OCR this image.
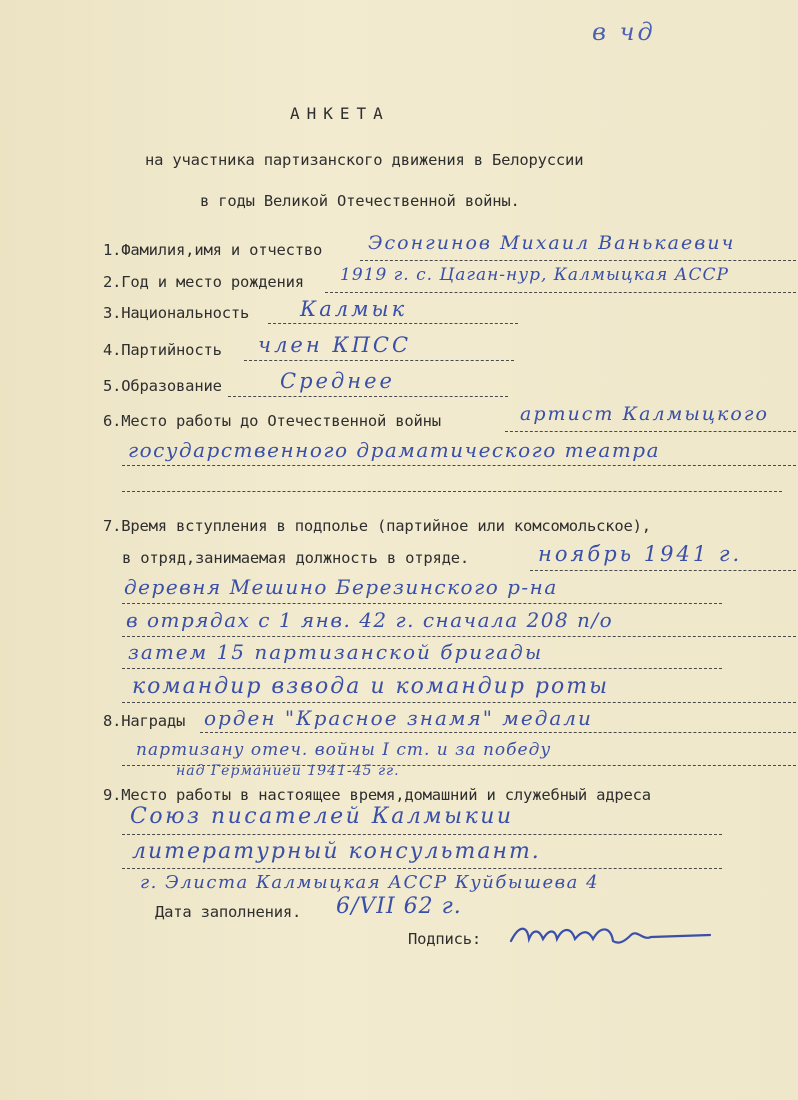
в чд
АНКЕТА
на участника партизанского движения в Белоруссии
в годы Великой Отечественной войны.
1.Фамилия,имя и отчество Эсонгинов Михаил Ванькаевич
2.Год и место рождения 1919 г. с. Цаган-нур, Калмыцкая АССР
3.Национальность Калмык
4.Партийность член КПСС
5.Образование	Среднее
6.Место работы до Отечественной войны	артист Калмыцкого
государственного драматического театра
7.Время вступления в подполье (партийное или комсомольское),
в отряд,занимаемая должность в отряде.	ноябрь 1941 г.
деревня Мешино Березинского р-на
в отрядах с 1 янв. 42 г. сначала 208 п/о
затем 15 партизанской бригады
командир взвода и командир роты
8.Награды орден "Красное знамя" медали
партизану отеч. войны I ст. и за победу
над Германией 1941-45 гг.
9.Место работы в настоящее время,домашний и служебный адреса
Союз писателей Калмыкии
литературный консультант.
г. Элиста Калмыцкая АССР Куйбышева 4
Дата заполнения. 6/VII 62 г.
Подпись:
